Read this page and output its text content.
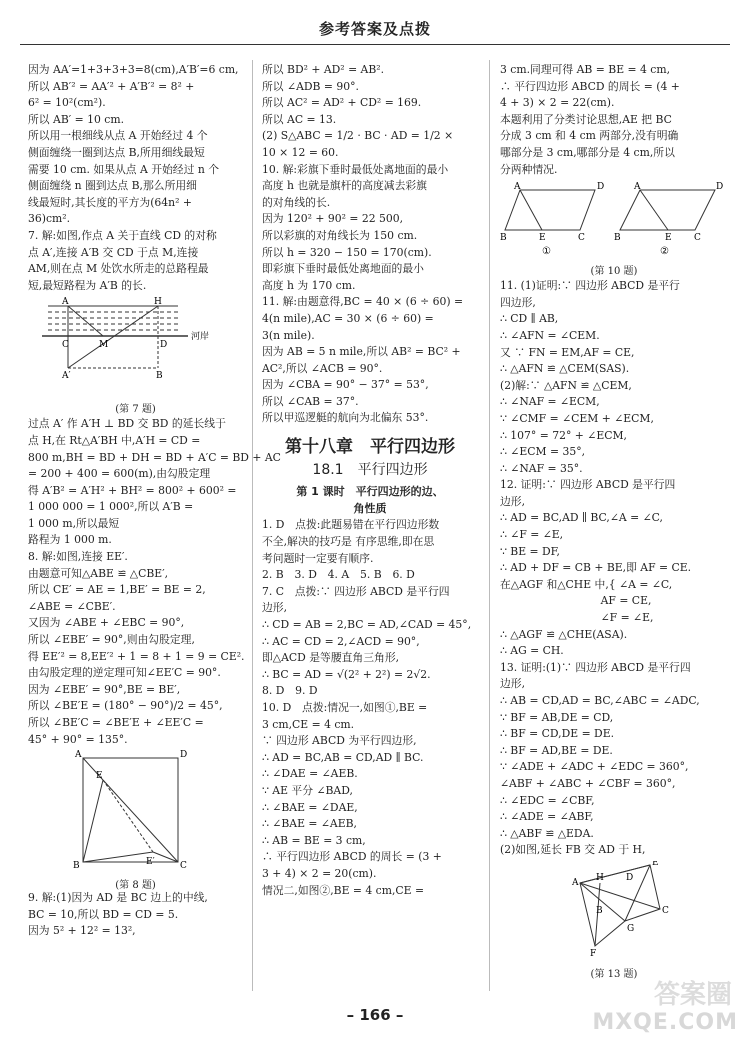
参考答案及点拨

因为 AA′=1+3+3+3=8(cm),A′B′=6 cm,

所以 AB′² = AA′² + A′B′² = 8² +

6² = 10²(cm²).

所以 AB′ = 10 cm.

所以用一根细线从点 A 开始经过 4 个

侧面缠绕一圈到达点 B,所用细线最短

需要 10 cm. 如果从点 A 开始经过 n 个

侧面缠绕 n 圈到达点 B,那么所用细

线最短时,其长度的平方为(64n² +

36)cm².

7. 解:如图,作点 A 关于直线 CD 的对称

点 A′,连接 A′B 交 CD 于点 M,连接

AM,则在点 M 处饮水所走的总路程最

短,最短路程为 A′B 的长.

A	H
C	D
M
A′	B
河岸
(第 7 题)

过点 A′ 作 A′H ⊥ BD 交 BD 的延长线于

点 H,在 Rt△A′BH 中,A′H = CD =

800 m,BH = BD + DH = BD + A′C = BD + AC

= 200 + 400 = 600(m),由勾股定理

得 A′B² = A′H² + BH² = 800² + 600² =

1 000 000 = 1 000²,所以 A′B =

1 000 m,所以最短

路程为 1 000 m.

8. 解:如图,连接 EE′.

由题意可知△ABE ≌ △CBE′,

所以 CE′ = AE = 1,BE′ = BE = 2,

∠ABE = ∠CBE′.

又因为 ∠ABE + ∠EBC = 90°,

所以 ∠EBE′ = 90°,则由勾股定理,

得 EE′² = 8,EE′² + 1 = 8 + 1 = 9 = CE².

由勾股定理的逆定理可知∠EE′C = 90°.

因为 ∠EBE′ = 90°,BE = BE′,

所以 ∠BE′E = (180° − 90°)/2 = 45°,

所以 ∠BE′C = ∠BE′E + ∠EE′C =

45° + 90° = 135°.

A	D
E
B	C
E′
(第 8 题)

9. 解:(1)因为 AD 是 BC 边上的中线,

BC = 10,所以 BD = CD = 5.

因为 5² + 12² = 13²,

所以 BD² + AD² = AB².

所以 ∠ADB = 90°.

所以 AC² = AD² + CD² = 169.

所以 AC = 13.

(2) S△ABC = 1/2 · BC · AD = 1/2 ×

10 × 12 = 60.

10. 解:彩旗下垂时最低处离地面的最小

高度 h 也就是旗杆的高度减去彩旗

的对角线的长.

因为 120² + 90² = 22 500,

所以彩旗的对角线长为 150 cm.

所以 h = 320 − 150 = 170(cm).

即彩旗下垂时最低处离地面的最小

高度 h 为 170 cm.

11. 解:由题意得,BC = 40 × (6 ÷ 60) =

4(n mile),AC = 30 × (6 ÷ 60) =

3(n mile).

因为 AB = 5 n mile,所以 AB² = BC² +

AC²,所以 ∠ACB = 90°.

因为 ∠CBA = 90° − 37° = 53°,

所以 ∠CAB = 37°.

所以甲巡逻艇的航向为北偏东 53°.

第十八章　平行四边形

18.1　平行四边形

第 1 课时　平行四边形的边、

角性质

1. D　点拨:此题易错在平行四边形数

不全,解决的技巧是 有序思维,即在思

考问题时一定要有顺序.

2. B　3. D　4. A　5. B　6. D

7. C　点拨:∵ 四边形 ABCD 是平行四

边形,

∴ CD = AB = 2,BC = AD,∠CAD = 45°,

∴ AC = CD = 2,∠ACD = 90°,

即△ACD 是等腰直角三角形,

∴ BC = AD = √(2² + 2²) = 2√2.

8. D　9. D

10. D　点拨:情况一,如图①,BE =

3 cm,CE = 4 cm.

∵ 四边形 ABCD 为平行四边形,

∴ AD = BC,AB = CD,AD ∥ BC.

∴ ∠DAE = ∠AEB.

∵ AE 平分 ∠BAD,

∴ ∠BAE = ∠DAE,

∴ ∠BAE = ∠AEB,

∴ AB = BE = 3 cm,

∴ 平行四边形 ABCD 的周长 = (3 +

3 + 4) × 2 = 20(cm).

情况二,如图②,BE = 4 cm,CE =

3 cm.同理可得 AB = BE = 4 cm,

∴ 平行四边形 ABCD 的周长 = (4 +

4 + 3) × 2 = 22(cm).

本题利用了分类讨论思想,AE 把 BC

分成 3 cm 和 4 cm 两部分,没有明确

哪部分是 3 cm,哪部分是 4 cm,所以

分两种情况.

A	D
B	E	C
①
A	D
B	E C
②
(第 10 题)

11. (1)证明:∵ 四边形 ABCD 是平行

四边形,

∴ CD ∥ AB,

∴ ∠AFN = ∠CEM.

又 ∵ FN = EM,AF = CE,

∴ △AFN ≌ △CEM(SAS).

(2)解:∵ △AFN ≌ △CEM,

∴ ∠NAF = ∠ECM,

∵ ∠CMF = ∠CEM + ∠ECM,

∴ 107° = 72° + ∠ECM,

∴ ∠ECM = 35°,

∴ ∠NAF = 35°.

12. 证明:∵ 四边形 ABCD 是平行四

边形,

∴ AD = BC,AD ∥ BC,∠A = ∠C,

∴ ∠F = ∠E,

∵ BE = DF,

∴ AD + DF = CB + BE,即 AF = CE.

在△AGF 和△CHE 中,{ ∠A = ∠C,

　　　　　　　　　 AF = CE,

　　　　　　　　　 ∠F = ∠E,

∴ △AGF ≌ △CHE(ASA).

∴ AG = CH.

13. 证明:(1)∵ 四边形 ABCD 是平行四

边形,

∴ AB = CD,AD = BC,∠ABC = ∠ADC,

∵ BF = AB,DE = CD,

∴ BF = CD,DE = DE.

∴ BF = AD,BE = DE.

∵ ∠ADE + ∠ADC + ∠EDC = 360°,

∠ABF + ∠ABC + ∠CBF = 360°,

∴ ∠EDC = ∠CBF,

∴ ∠ADE = ∠ABF,

∴ △ABF ≌ △EDA.

(2)如图,延长 FB 交 AD 于 H,

A H D
E
B	C
G
F
(第 13 题)
– 166 –
答案圈
MXQE.COM
